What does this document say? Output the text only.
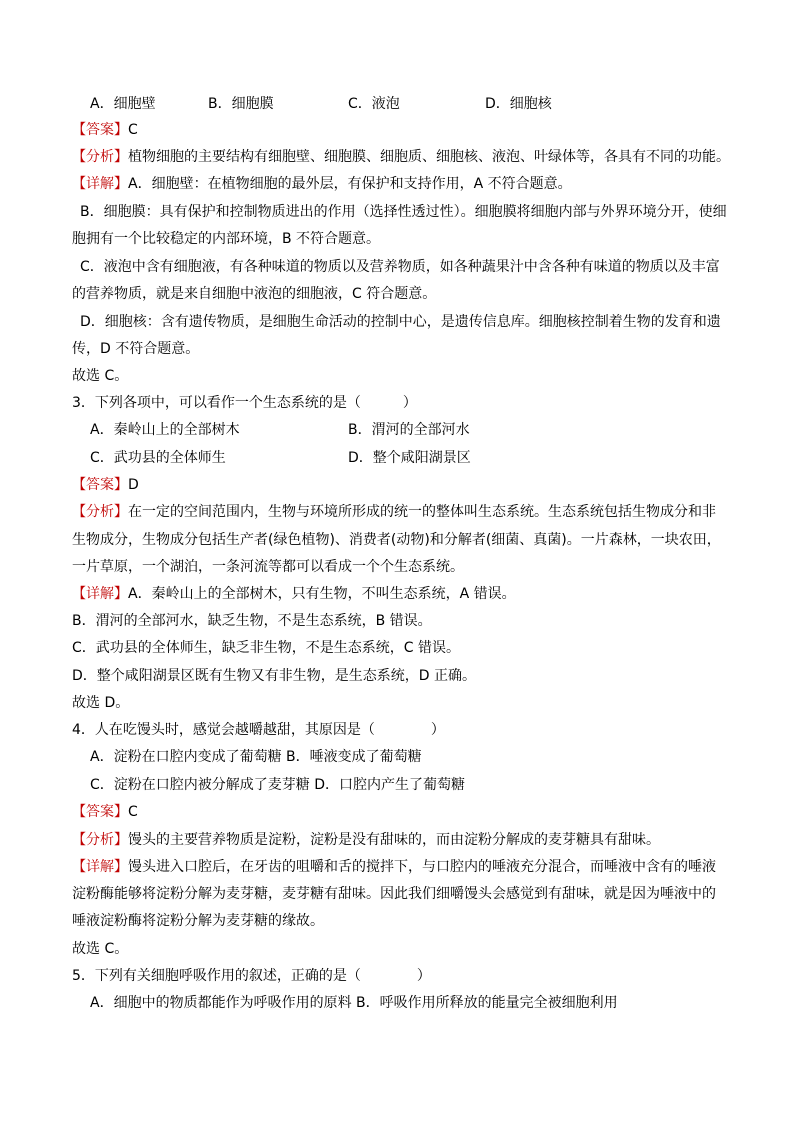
A．细胞壁	B．细胞膜	C．液泡	D．细胞核
【答案】C
【分析】植物细胞的主要结构有细胞壁、细胞膜、细胞质、细胞核、液泡、叶绿体等，各具有不同的功能。
【详解】A．细胞壁：在植物细胞的最外层，有保护和支持作用，A 不符合题意。
B．细胞膜：具有保护和控制物质进出的作用（选择性透过性）。细胞膜将细胞内部与外界环境分开，使细
胞拥有一个比较稳定的内部环境，B 不符合题意。
C．液泡中含有细胞液，有各种味道的物质以及营养物质，如各种蔬果汁中含各种有味道的物质以及丰富
的营养物质，就是来自细胞中液泡的细胞液，C 符合题意。
D．细胞核：含有遗传物质，是细胞生命活动的控制中心，是遗传信息库。细胞核控制着生物的发育和遗
传，D 不符合题意。
故选 C。
3．下列各项中，可以看作一个生态系统的是（　　　）
A．秦岭山上的全部树木	B．渭河的全部河水
C．武功县的全体师生	D．整个咸阳湖景区
【答案】D
【分析】在一定的空间范围内，生物与环境所形成的统一的整体叫生态系统。生态系统包括生物成分和非
生物成分，生物成分包括生产者(绿色植物)、消费者(动物)和分解者(细菌、真菌)。一片森林，一块农田，
一片草原，一个湖泊，一条河流等都可以看成一个个生态系统。
【详解】A．秦岭山上的全部树木，只有生物，不叫生态系统，A 错误。
B．渭河的全部河水，缺乏生物，不是生态系统，B 错误。
C．武功县的全体师生，缺乏非生物，不是生态系统，C 错误。
D．整个咸阳湖景区既有生物又有非生物，是生态系统，D 正确。
故选 D。
4．人在吃馒头时，感觉会越嚼越甜，其原因是（　　　　）
A．淀粉在口腔内变成了葡萄糖 B．唾液变成了葡萄糖
C．淀粉在口腔内被分解成了麦芽糖 D．口腔内产生了葡萄糖
【答案】C
【分析】馒头的主要营养物质是淀粉，淀粉是没有甜味的，而由淀粉分解成的麦芽糖具有甜味。
【详解】馒头进入口腔后，在牙齿的咀嚼和舌的搅拌下，与口腔内的唾液充分混合，而唾液中含有的唾液
淀粉酶能够将淀粉分解为麦芽糖，麦芽糖有甜味。因此我们细嚼馒头会感觉到有甜味，就是因为唾液中的
唾液淀粉酶将淀粉分解为麦芽糖的缘故。
故选 C。
5．下列有关细胞呼吸作用的叙述，正确的是（　　　　）
A．细胞中的物质都能作为呼吸作用的原料 B．呼吸作用所释放的能量完全被细胞利用
